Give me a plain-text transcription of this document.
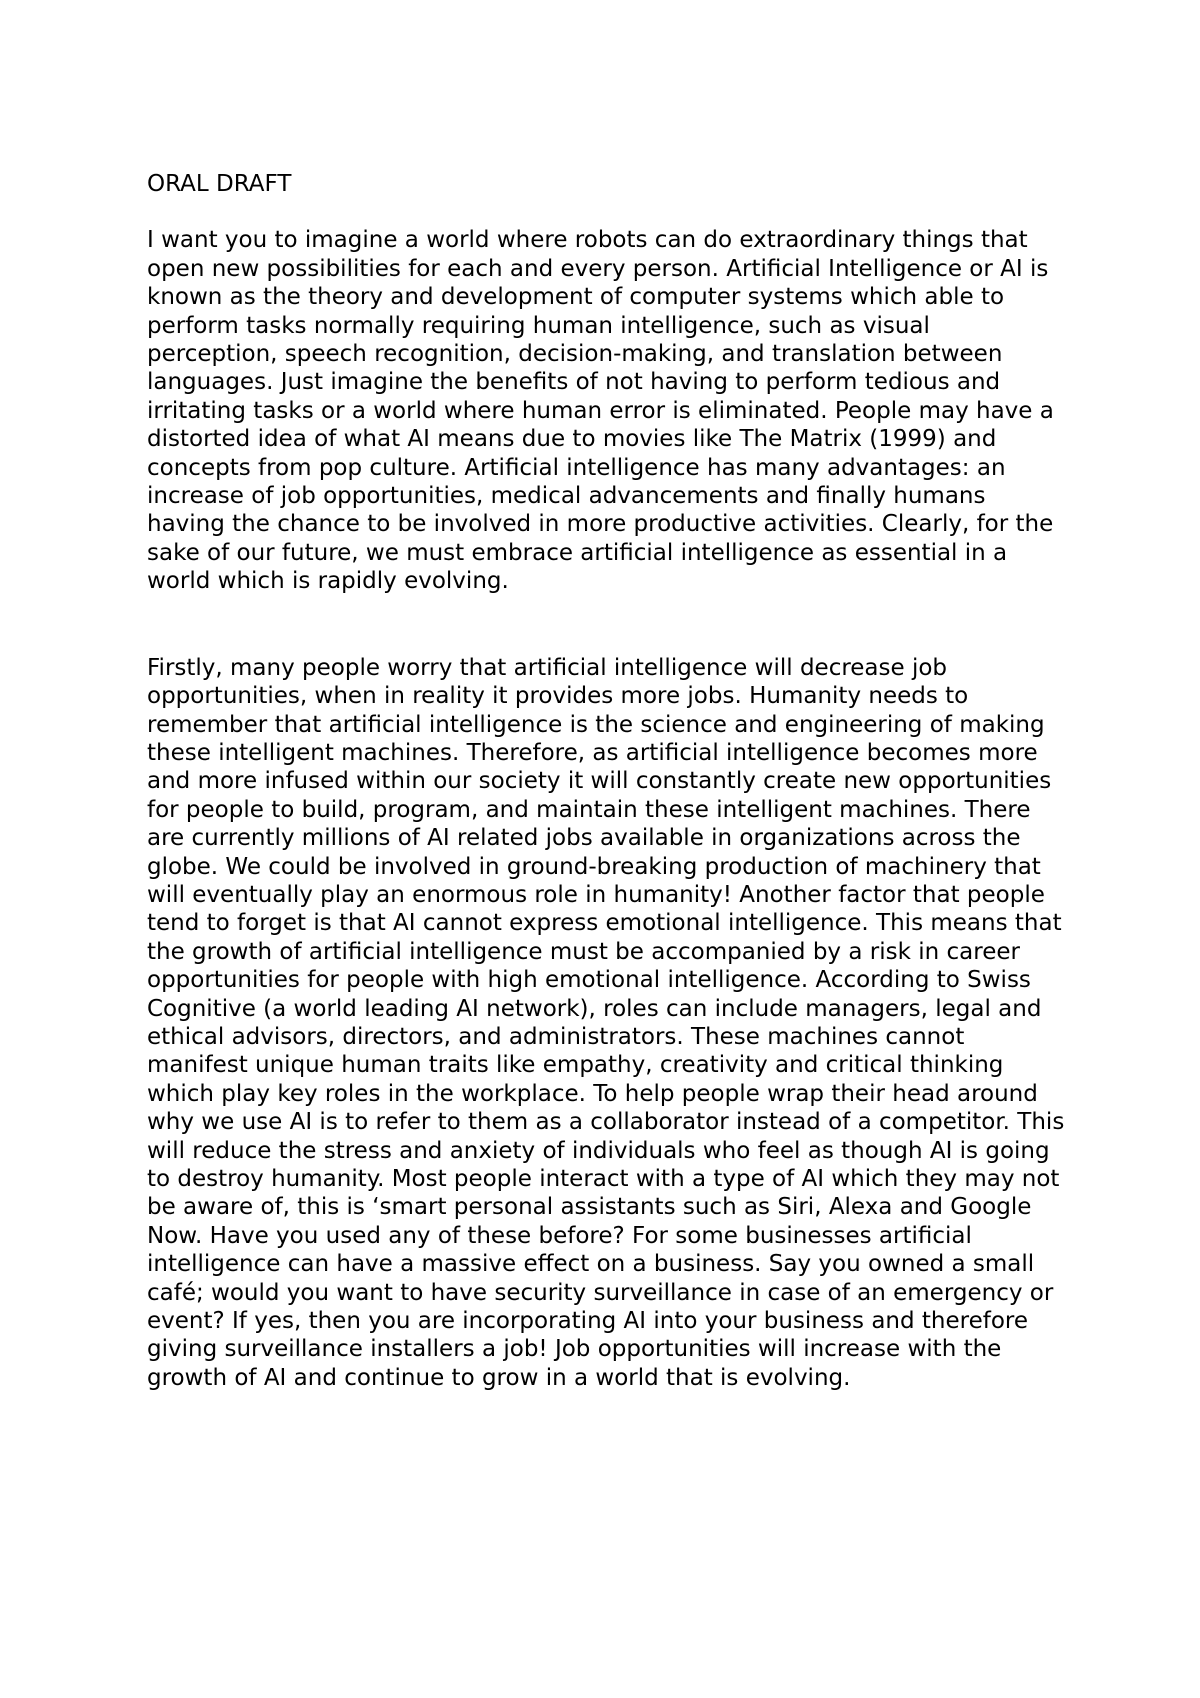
ORAL DRAFT

I want you to imagine a world where robots can do extraordinary things that open new possibilities for each and every person. Artificial Intelligence or AI is known as the theory and development of computer systems which able to perform tasks normally requiring human intelligence, such as visual perception, speech recognition, decision-making, and translation between languages. Just imagine the benefits of not having to perform tedious and irritating tasks or a world where human error is eliminated. People may have a distorted idea of what AI means due to movies like The Matrix (1999) and concepts from pop culture. Artificial intelligence has many advantages: an increase of job opportunities, medical advancements and finally humans having the chance to be involved in more productive activities. Clearly, for the sake of our future, we must embrace artificial intelligence as essential in a world which is rapidly evolving.

Firstly, many people worry that artificial intelligence will decrease job opportunities, when in reality it provides more jobs. Humanity needs to remember that artificial intelligence is the science and engineering of making these intelligent machines. Therefore, as artificial intelligence becomes more and more infused within our society it will constantly create new opportunities for people to build, program, and maintain these intelligent machines. There are currently millions of AI related jobs available in organizations across the globe. We could be involved in ground-breaking production of machinery that will eventually play an enormous role in humanity! Another factor that people tend to forget is that AI cannot express emotional intelligence. This means that the growth of artificial intelligence must be accompanied by a risk in career opportunities for people with high emotional intelligence. According to Swiss Cognitive (a world leading AI network), roles can include managers, legal and ethical advisors, directors, and administrators. These machines cannot manifest unique human traits like empathy, creativity and critical thinking which play key roles in the workplace. To help people wrap their head around why we use AI is to refer to them as a collaborator instead of a competitor. This will reduce the stress and anxiety of individuals who feel as though AI is going to destroy humanity. Most people interact with a type of AI which they may not be aware of, this is ‘smart personal assistants such as Siri, Alexa and Google Now. Have you used any of these before? For some businesses artificial intelligence can have a massive effect on a business. Say you owned a small café; would you want to have security surveillance in case of an emergency or event? If yes, then you are incorporating AI into your business and therefore giving surveillance installers a job! Job opportunities will increase with the growth of AI and continue to grow in a world that is evolving.
